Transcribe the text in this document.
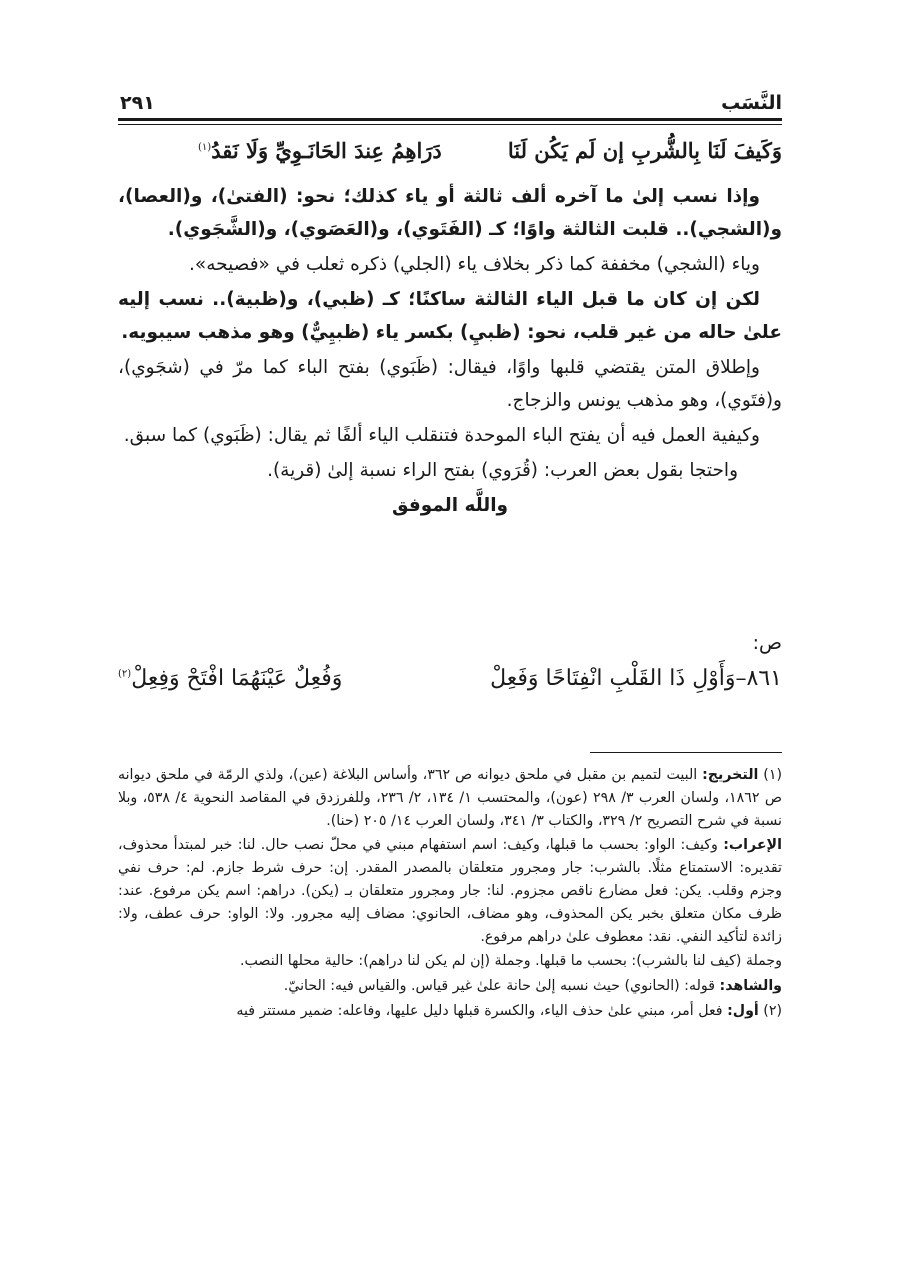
النَّسَب
٢٩١
وَكَيفَ لَنَا بِالشُّربِ إن لَم يَكُن لَنَا
دَرَاهِمُ عِندَ الحَانَـوِيِّ وَلَا نَقدُ$^{(١)}$

وإذا نسب إلىٰ ما آخره ألف ثالثة أو ياء كذلك؛ نحو: (الفتىٰ)، و(العصا)، و(الشجي).. قلبت الثالثة واوًا؛ كـ (الفَتَوي)، و(العَصَوي)، و(الشَّجَوي).

وياء (الشجي) مخففة كما ذكر بخلاف ياء (الجلي) ذكره ثعلب في «فصيحه».

لكن إن كان ما قبل الياء الثالثة ساكنًا؛ كـ (ظبي)، و(ظبية).. نسب إليه علىٰ حاله من غير قلب، نحو: (ظبيِ) بكسر ياء (ظبيِيٌّ) وهو مذهب سيبويه.

وإطلاق المتن يقتضي قلبها واوًا، فيقال: (ظَبَوي) بفتح الباء كما مرّ في (شجَوي)، و(فتَوي)، وهو مذهب يونس والزجاج.

وكيفية العمل فيه أن يفتح الباء الموحدة فتنقلب الياء ألفًا ثم يقال: (ظَبَوي) كما سبق.

واحتجا بقول بعض العرب: (قُرَوي) بفتح الراء نسبة إلىٰ (قرية).

واللَّه الموفق

ص:
٨٦١–وَأَوْلِ ذَا القَلْبِ انْفِتَاحًا وَفَعِلْ
وَفُعِلٌ عَيْنَهُمَا افْتَحْ وَفِعِلْ$^{(٢)}$

(١) التخريج: البيت لتميم بن مقبل في ملحق ديوانه ص ٣٦٢، وأساس البلاغة (عين)، ولذي الرمّة في ملحق ديوانه ص ١٨٦٢، ولسان العرب ٣/ ٢٩٨ (عون)، والمحتسب ١/ ١٣٤، ٢/ ٢٣٦، وللفرزدق في المقاصد النحوية ٤/ ٥٣٨، وبلا نسبة في شرح التصريح ٢/ ٣٢٩، والكتاب ٣/ ٣٤١، ولسان العرب ١٤/ ٢٠٥ (حنا).

الإعراب: وكيف: الواو: بحسب ما قبلها، وكيف: اسم استفهام مبني في محلّ نصب حال. لنا: خبر لمبتدأ محذوف، تقديره: الاستمتاع مثلًا. بالشرب: جار ومجرور متعلقان بالمصدر المقدر. إن: حرف شرط جازم. لم: حرف نفي وجزم وقلب. يكن: فعل مضارع ناقص مجزوم. لنا: جار ومجرور متعلقان بـ (يكن). دراهم: اسم يكن مرفوع. عند: ظرف مكان متعلق بخبر يكن المحذوف، وهو مضاف، الحانوي: مضاف إليه مجرور. ولا: الواو: حرف عطف، ولا: زائدة لتأكيد النفي. نقد: معطوف علىٰ دراهم مرفوع.

وجملة (كيف لنا بالشرب): بحسب ما قبلها. وجملة (إن لم يكن لنا دراهم): حالية محلها النصب.

والشاهد: قوله: (الحانوي) حيث نسبه إلىٰ حانة علىٰ غير قياس. والقياس فيه: الحانيّ.

(٢) أول: فعل أمر، مبني علىٰ حذف الياء، والكسرة قبلها دليل عليها، وفاعله: ضمير مستتر فيه
